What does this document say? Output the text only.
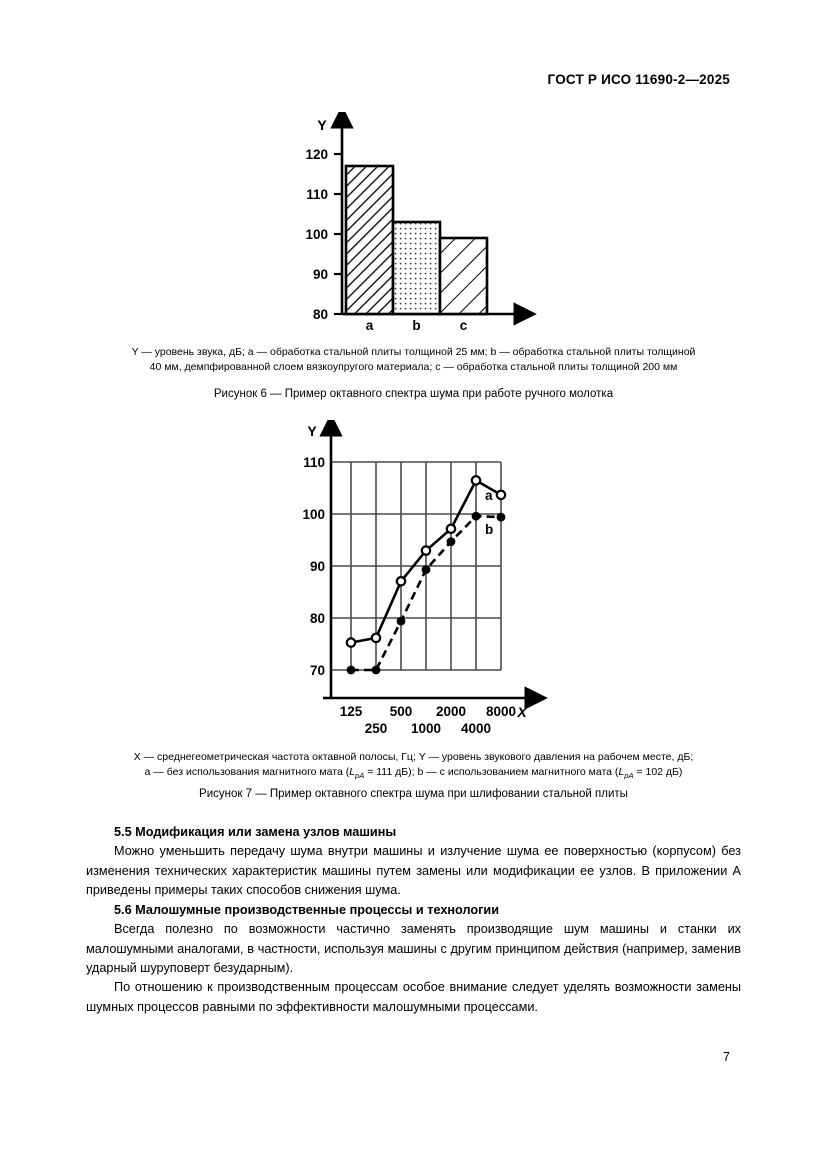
ГОСТ Р ИСО 11690-2—2025
Y
80
90
100
110
120
a	b	c
Y — уровень звука, дБ; a — обработка стальной плиты толщиной 25 мм; b — обработка стальной плиты толщиной
40 мм, демпфированной слоем вязкоупругого материала; c — обработка стальной плиты толщиной 200 мм
Рисунок 6 — Пример октавного спектра шума при работе ручного молотка
Y
110
100
90
80
70
125
250
500
1000
2000
4000
8000 X
a
b
X — среднегеометрическая частота октавной полосы, Гц; Y — уровень звукового давления на рабочем месте, дБ;
a — без использования магнитного мата ($L_{pA} = 111$ дБ); b — с использованием магнитного мата ($L_{pA} = 102$ дБ)
Рисунок 7 — Пример октавного спектра шума при шлифовании стальной плиты
5.5 Модификация или замена узлов машины

Можно уменьшить передачу шума внутри машины и излучение шума ее поверхностью (корпусом) без изменения технических характеристик машины путем замены или модификации ее узлов. В приложении А приведены примеры таких способов снижения шума.

5.6 Малошумные производственные процессы и технологии

Всегда полезно по возможности частично заменять производящие шум машины и станки их малошумными аналогами, в частности, используя машины с другим принципом действия (например, заменив ударный шуруповерт безударным).

По отношению к производственным процессам особое внимание следует уделять возможности замены шумных процессов равными по эффективности малошумными процессами.

7
